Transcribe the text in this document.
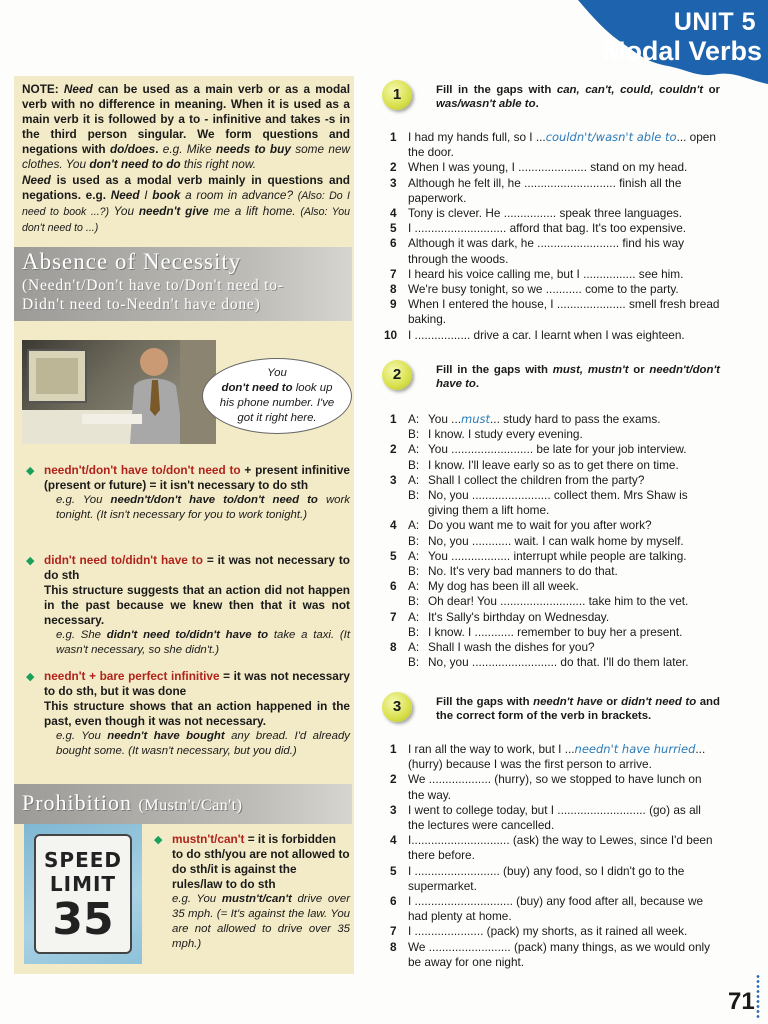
UNIT 5
Modal Verbs

NOTE: Need can be used as a main verb or as a modal verb with no difference in meaning. When it is used as a main verb it is followed by a to - infinitive and takes -s in the third person singular. We form questions and negations with do/does. e.g. Mike needs to buy some new clothes. You don't need to do this right now.

Need is used as a modal verb mainly in questions and negations. e.g. Need I book a room in advance? (Also: Do I need to book ...?) You needn't give me a lift home. (Also: You don't need to ...)

Absence of Necessity
(Needn't/Don't have to/Don't need to-
Didn't need to-Needn't have done)
You
don't need to look up his phone number. I've got it right here.
◆ needn't/don't have to/don't need to + present infinitive (present or future) = it isn't necessary to do sth

e.g. You needn't/don't have to/don't need to work tonight. (It isn't necessary for you to work tonight.)

◆ didn't need to/didn't have to = it was not necessary to do sth

This structure suggests that an action did not happen in the past because we knew then that it was not necessary.

e.g. She didn't need to/didn't have to take a taxi. (It wasn't necessary, so she didn't.)

◆ needn't + bare perfect infinitive = it was not necessary to do sth, but it was done

This structure shows that an action happened in the past, even though it was not necessary.

e.g. You needn't have bought any bread. I'd already bought some. (It wasn't necessary, but you did.)

Prohibition (Mustn't/Can't)
SPEED
LIMIT
35
◆ mustn't/can't = it is forbidden to do sth/you are not allowed to do sth/it is against the rules/law to do sth

e.g. You mustn't/can't drive over 35 mph. (= It's against the law. You are not allowed to drive over 35 mph.)

1	Fill in the gaps with can, can't, could, couldn't or was/wasn't able to.
1 I had my hands full, so I ...couldn't/wasn't able to... open the door.
2 When I was young, I ..................... stand on my head.
3 Although he felt ill, he ............................ finish all the paperwork.
4 Tony is clever. He ................ speak three languages.
5 I ............................ afford that bag. It's too expensive.
6 Although it was dark, he ......................... find his way through the woods.
7 I heard his voice calling me, but I ................ see him.
8 We're busy tonight, so we ........... come to the party.
9 When I entered the house, I ..................... smell fresh bread baking.
10 I ................. drive a car. I learnt when I was eighteen.
2	Fill in the gaps with must, mustn't or needn't/don't have to.
1 A: You ...must... study hard to pass the exams.
B: I know. I study every evening.
2 A: You ......................... be late for your job interview.
B: I know. I'll leave early so as to get there on time.
3 A: Shall I collect the children from the party?
B: No, you ........................ collect them. Mrs Shaw is giving them a lift home.
4 A: Do you want me to wait for you after work?
B: No, you ............ wait. I can walk home by myself.
5 A: You .................. interrupt while people are talking.
B: No. It's very bad manners to do that.
6 A: My dog has been ill all week.
B: Oh dear! You .......................... take him to the vet.
7 A: It's Sally's birthday on Wednesday.
B: I know. I ............ remember to buy her a present.
8 A: Shall I wash the dishes for you?
B: No, you .......................... do that. I'll do them later.
3	Fill the gaps with needn't have or didn't need to and the correct form of the verb in brackets.
1 I ran all the way to work, but I ...needn't have hurried... (hurry) because I was the first person to arrive.
2 We ................... (hurry), so we stopped to have lunch on the way.
3 I went to college today, but I ........................... (go) as all the lectures were cancelled.
4 I.............................. (ask) the way to Lewes, since I'd been there before.
5 I .......................... (buy) any food, so I didn't go to the supermarket.
6 I .............................. (buy) any food after all, because we had plenty at home.
7 I ..................... (pack) my shorts, as it rained all week.
8 We ......................... (pack) many things, as we would only be away for one night.
71
